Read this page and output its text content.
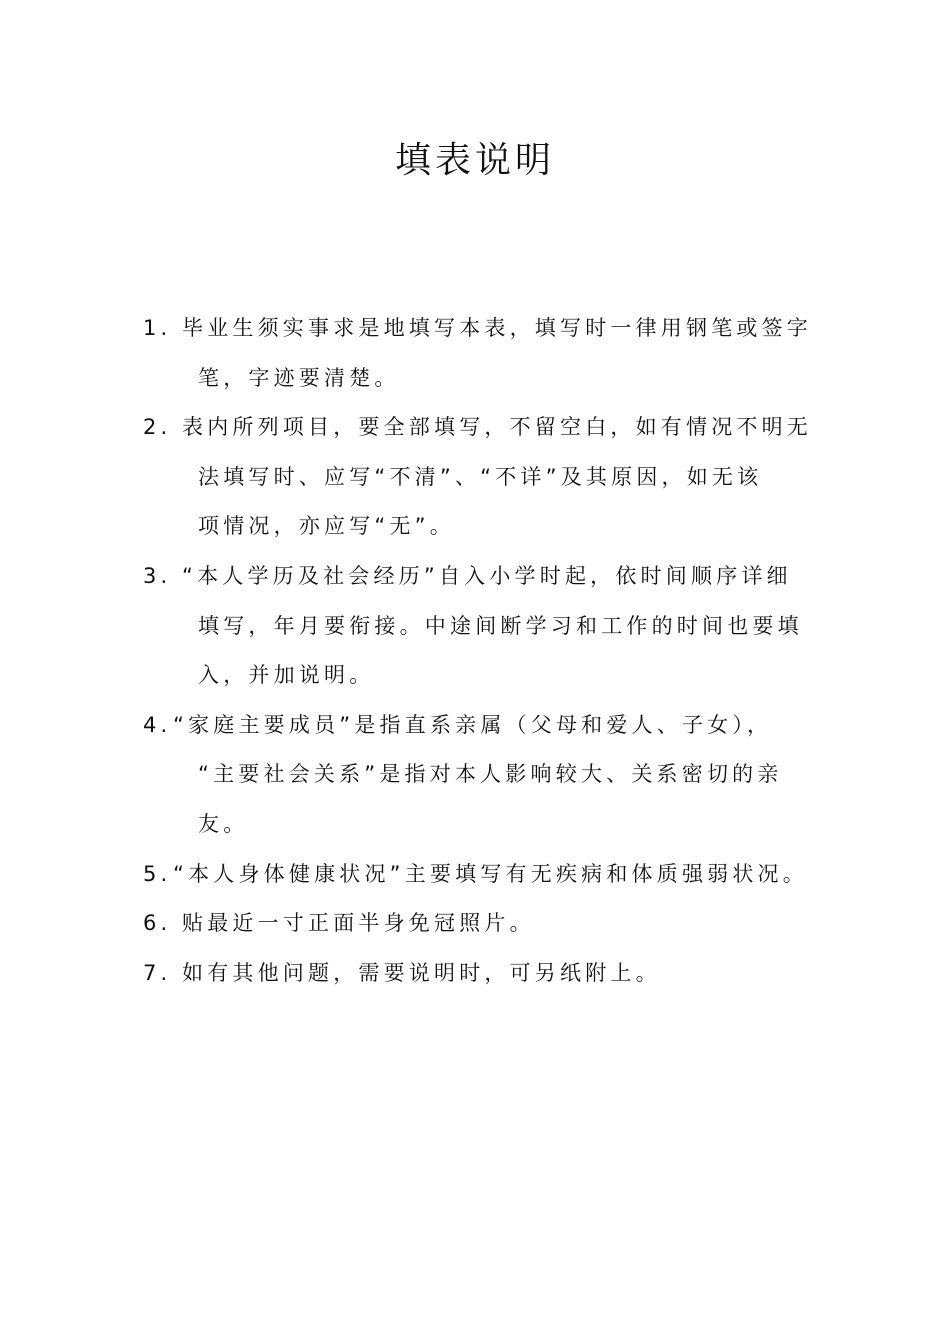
填表说明
1. 毕业生须实事求是地填写本表，填写时一律用钢笔或签字
笔，字迹要清楚。
2. 表内所列项目，要全部填写，不留空白，如有情况不明无
法填写时、应写“不清”、“不详”及其原因，如无该
项情况，亦应写“无”。
3. “本人学历及社会经历”自入小学时起，依时间顺序详细
填写，年月要衔接。中途间断学习和工作的时间也要填
入，并加说明。
4. “家庭主要成员”是指直系亲属（父母和爱人、子女），
“主要社会关系”是指对本人影响较大、关系密切的亲
友。
5. “本人身体健康状况”主要填写有无疾病和体质强弱状况。
6. 贴最近一寸正面半身免冠照片。
7. 如有其他问题，需要说明时，可另纸附上。
